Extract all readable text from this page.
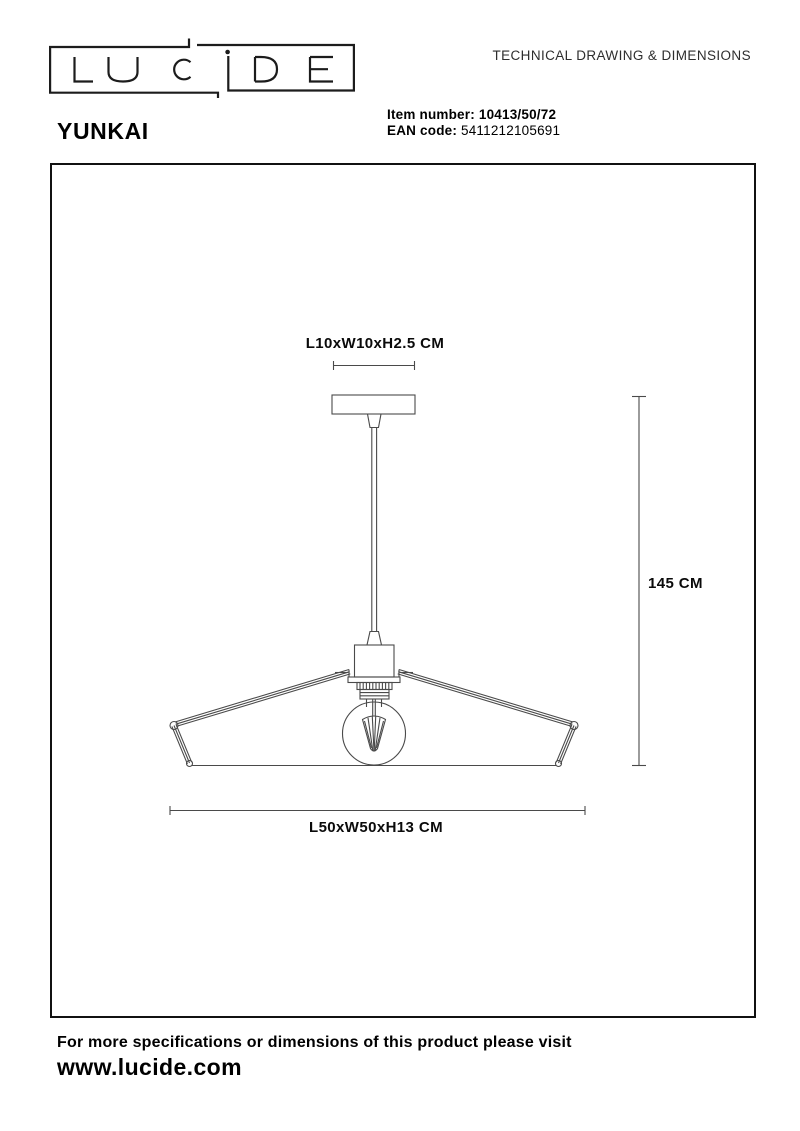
TECHNICAL DRAWING & DIMENSIONS
YUNKAI
Item number: 10413/50/72
EAN code: 5411212105691
L10xW10xH2.5 CM
145 CM
L50xW50xH13 CM
For more specifications or dimensions of this product please visit
www.lucide.com
